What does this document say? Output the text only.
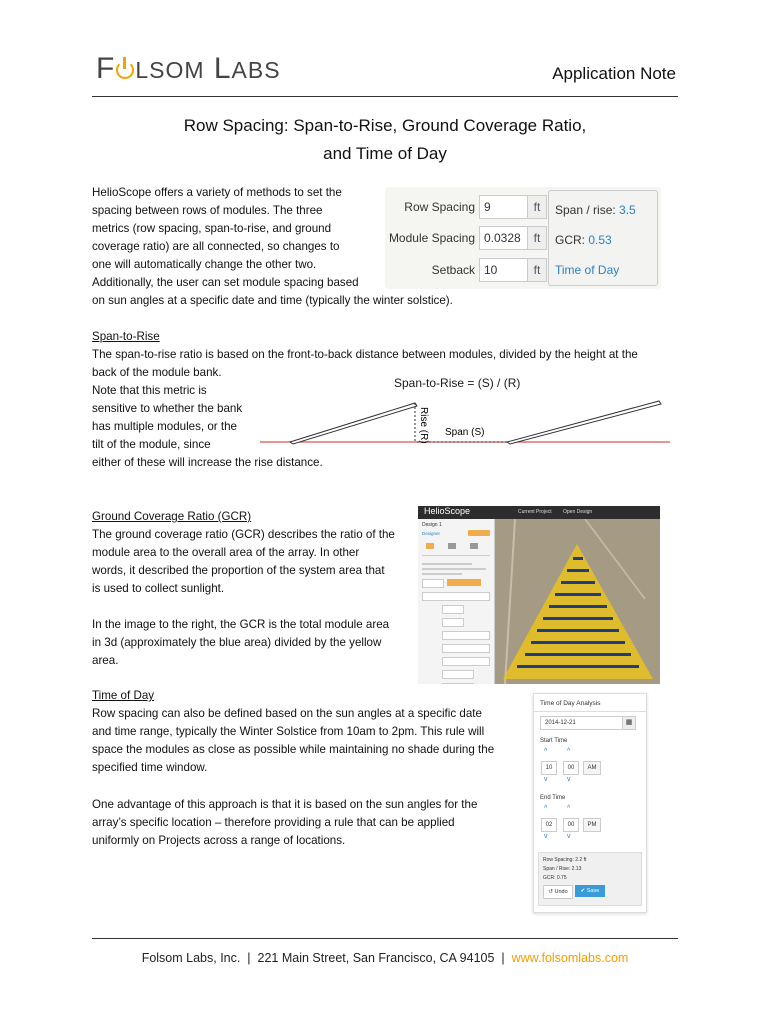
F LSOM LABS	Application Note
Row Spacing: Span-to-Rise, Ground Coverage Ratio,
and Time of Day
HelioScope offers a variety of methods to set the
spacing between rows of modules. The three
metrics (row spacing, span-to-rise, and ground
coverage ratio) are all connected, so changes to
one will automatically change the other two.
Additionally, the user can set module spacing based
on sun angles at a specific date and time (typically the winter solstice).
Row Spacing 9	ft
Module Spacing 0.0328	ft
Setback 10	ft
Span / rise: 3.5
GCR: 0.53
Time of Day
Span-to-Rise
The span-to-rise ratio is based on the front-to-back distance between modules, divided by the height at the
back of the module bank.
Note that this metric is
sensitive to whether the bank
has multiple modules, or the
tilt of the module, since
either of these will increase the rise distance.
Span-to-Rise = (S) / (R)
Rise (R) Span (S)
Ground Coverage Ratio (GCR)
The ground coverage ratio (GCR) describes the ratio of the
module area to the overall area of the array. In other
words, it described the proportion of the system area that
is used to collect sunlight.
In the image to the right, the GCR is the total module area
in 3d (approximately the blue area) divided by the yellow
area.
HelioScope	Current Project Open Design
Design 1
Designer
Time of Day
Row spacing can also be defined based on the sun angles at a specific date
and time range, typically the Winter Solstice from 10am to 2pm. This rule will
space the modules as close as possible while maintaining no shade during the
specified time window.
One advantage of this approach is that it is based on the sun angles for the
array’s specific location – therefore providing a rule that can be applied
uniformly on Projects across a range of locations.
Time of Day Analysis
2014-12-21	▦
Start Time
^	^
10	00	AM
v	v
End Time
^	^
02	00	PM
v	v
Row Spacing: 2.2 ft
Span / Rise: 2.13
GCR: 0.75
↺ Undo	✔ Save
Folsom Labs, Inc. | 221 Main Street, San Francisco, CA 94105 | www.folsomlabs.com
